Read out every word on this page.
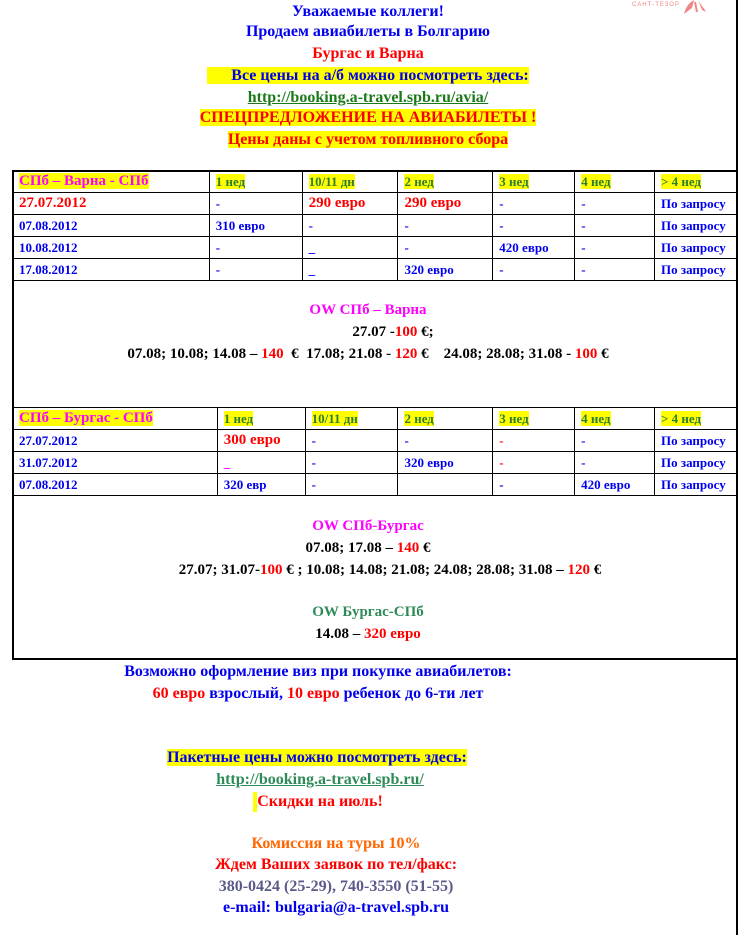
САНТ-ТЕЗОР
Уважаемые коллеги!
Продаем авиабилеты в Болгарию
Бургас и Варна
Все цены на а/б можно посмотреть здесь:
http://booking.a-travel.spb.ru/avia/
СПЕЦПРЕДЛОЖЕНИЕ НА АВИАБИЛЕТЫ !
Цены даны с учетом топливного сбора
СПб – Варна - СПб	1 нед	10/11 дн	2 нед	3 нед	4 нед	> 4 нед
27.07.2012	-	290 евро	290 евро	-	-	По запросу
07.08.2012	310 евро	-	-	-	-	По запросу
10.08.2012	-	_	-	420 евро	-	По запросу
17.08.2012	-	_	320 евро	-	-	По запросу
OW СПб – Варна
27.07 -100 €;
07.08; 10.08; 14.08 – 140  €  17.08; 21.08 - 120 €    24.08; 28.08; 31.08 - 100 €
СПб – Бургас - СПб	1 нед	10/11 дн	2 нед	3 нед	4 нед	> 4 нед
27.07.2012	300 евро	-	-	-	-	По запросу
31.07.2012	_	-	320 евро	-	-	По запросу
07.08.2012	320 евр	-		-	420 евро	По запросу
OW СПб-Бургас
07.08; 17.08 – 140 €
27.07; 31.07-100 € ; 10.08; 14.08; 21.08; 24.08; 28.08; 31.08 – 120 €
OW Бургас-СПб
14.08 – 320 евро
Возможно оформление виз при покупке авиабилетов:
60 евро взрослый, 10 евро ребенок до 6-ти лет
Пакетные цены можно посмотреть здесь:
http://booking.a-travel.spb.ru/
Скидки на июль!
Комиссия на туры 10%
Ждем Ваших заявок по тел/факс:
380-0424 (25-29), 740-3550 (51-55)
e-mail: bulgaria@a-travel.spb.ru
